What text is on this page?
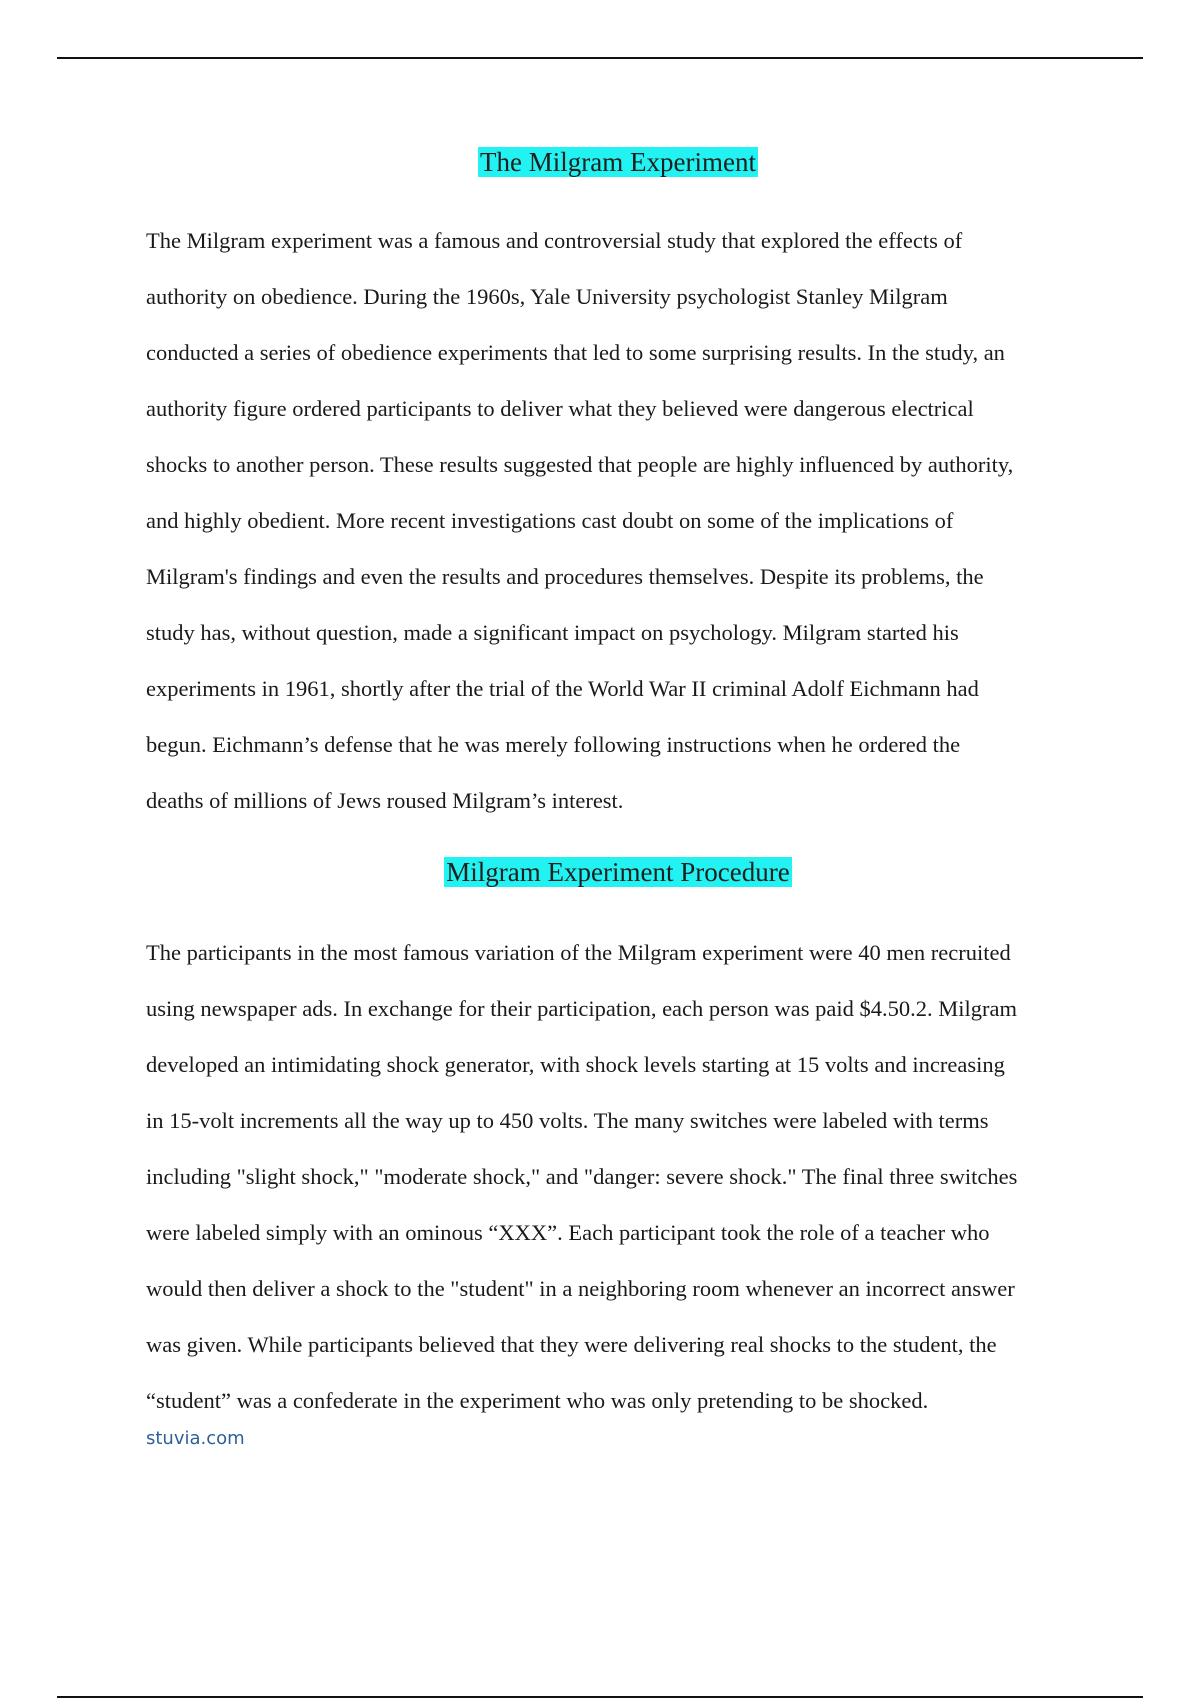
The Milgram Experiment

The Milgram experiment was a famous and controversial study that explored the effects of
authority on obedience. During the 1960s, Yale University psychologist Stanley Milgram
conducted a series of obedience experiments that led to some surprising results. In the study, an
authority figure ordered participants to deliver what they believed were dangerous electrical
shocks to another person. These results suggested that people are highly influenced by authority,
and highly obedient. More recent investigations cast doubt on some of the implications of
Milgram's findings and even the results and procedures themselves. Despite its problems, the
study has, without question, made a significant impact on psychology. Milgram started his
experiments in 1961, shortly after the trial of the World War II criminal Adolf Eichmann had
begun. Eichmann’s defense that he was merely following instructions when he ordered the
deaths of millions of Jews roused Milgram’s interest.

Milgram Experiment Procedure

The participants in the most famous variation of the Milgram experiment were 40 men recruited
using newspaper ads. In exchange for their participation, each person was paid $4.50.2. Milgram
developed an intimidating shock generator, with shock levels starting at 15 volts and increasing
in 15-volt increments all the way up to 450 volts. The many switches were labeled with terms
including "slight shock," "moderate shock," and "danger: severe shock." The final three switches
were labeled simply with an ominous “XXX”. Each participant took the role of a teacher who
would then deliver a shock to the "student" in a neighboring room whenever an incorrect answer
was given. While participants believed that they were delivering real shocks to the student, the
“student” was a confederate in the experiment who was only pretending to be shocked.

stuvia.com
